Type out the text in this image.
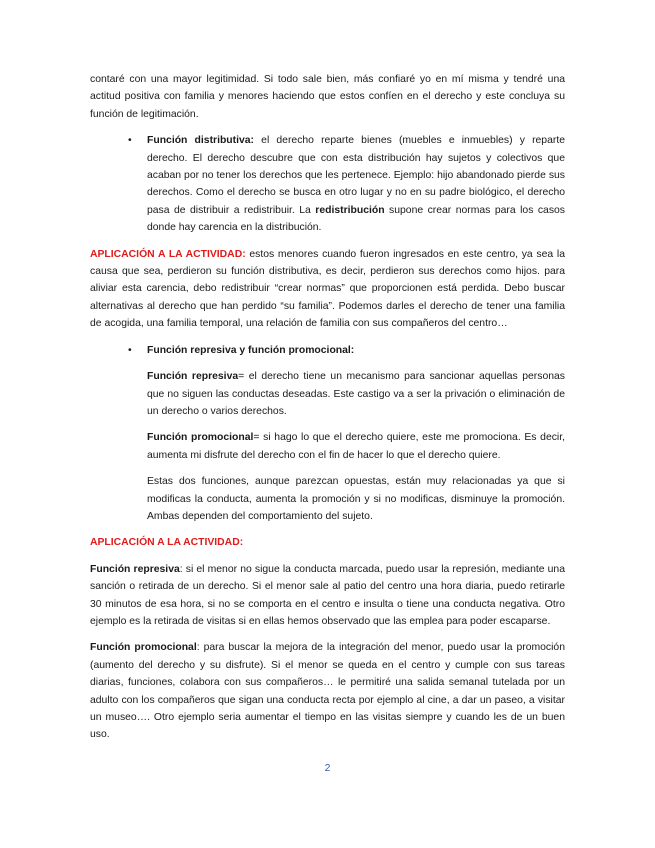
contaré con una mayor legitimidad. Si todo sale bien, más confiaré yo en mí misma y tendré una actitud positiva con familia y menores haciendo que estos confíen en el derecho y este concluya su función de legitimación.

• Función distributiva: el derecho reparte bienes (muebles e inmuebles) y reparte derecho. El derecho descubre que con esta distribución hay sujetos y colectivos que acaban por no tener los derechos que les pertenece. Ejemplo: hijo abandonado pierde sus derechos. Como el derecho se busca en otro lugar y no en su padre biológico, el derecho pasa de distribuir a redistribuir. La redistribución supone crear normas para los casos donde hay carencia en la distribución.

APLICACIÓN A LA ACTIVIDAD: estos menores cuando fueron ingresados en este centro, ya sea la causa que sea, perdieron su función distributiva, es decir, perdieron sus derechos como hijos. para aliviar esta carencia, debo redistribuir “crear normas” que proporcionen está perdida. Debo buscar alternativas al derecho que han perdido “su familia”. Podemos darles el derecho de tener una familia de acogida, una familia temporal, una relación de familia con sus compañeros del centro…

• Función represiva y función promocional:

Función represiva= el derecho tiene un mecanismo para sancionar aquellas personas que no siguen las conductas deseadas. Este castigo va a ser la privación o eliminación de un derecho o varios derechos.

Función promocional= si hago lo que el derecho quiere, este me promociona. Es decir, aumenta mi disfrute del derecho con el fin de hacer lo que el derecho quiere.

Estas dos funciones, aunque parezcan opuestas, están muy relacionadas ya que si modificas la conducta, aumenta la promoción y si no modificas, disminuye la promoción. Ambas dependen del comportamiento del sujeto.

APLICACIÓN A LA ACTIVIDAD:

Función represiva: si el menor no sigue la conducta marcada, puedo usar la represión, mediante una sanción o retirada de un derecho. Si el menor sale al patio del centro una hora diaria, puedo retirarle 30 minutos de esa hora, si no se comporta en el centro e insulta o tiene una conducta negativa. Otro ejemplo es la retirada de visitas si en ellas hemos observado que las emplea para poder escaparse.

Función promocional: para buscar la mejora de la integración del menor, puedo usar la promoción (aumento del derecho y su disfrute). Si el menor se queda en el centro y cumple con sus tareas diarias, funciones, colabora con sus compañeros… le permitiré una salida semanal tutelada por un adulto con los compañeros que sigan una conducta recta por ejemplo al cine, a dar un paseo, a visitar un museo…. Otro ejemplo seria aumentar el tiempo en las visitas siempre y cuando les de un buen uso.

2
